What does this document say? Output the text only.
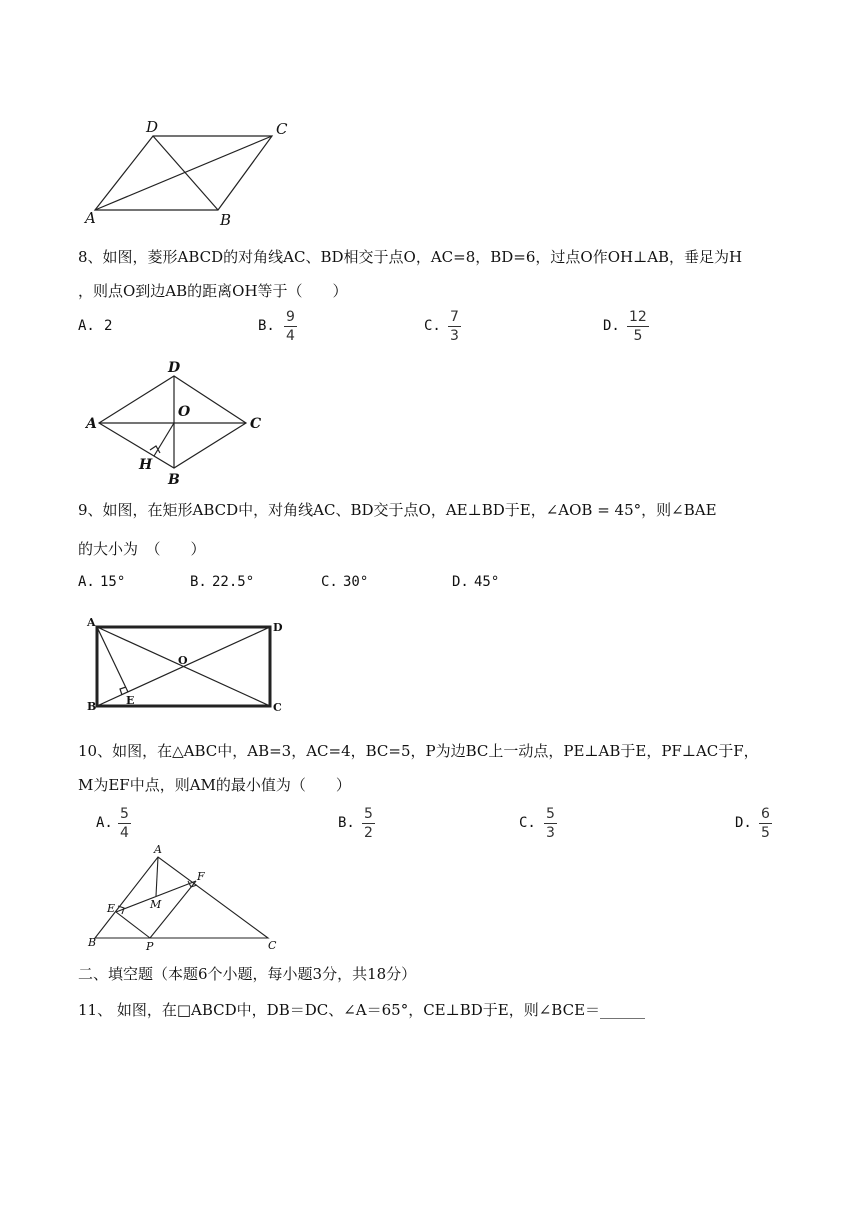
D	C
A	B
8、如图，菱形ABCD的对角线AC、BD相交于点O，AC=8，BD=6，过点O作OH⊥AB，垂足为H
，则点O到边AB的距离OH等于（　　）
A. 2	B.
9
4
C.
7
3
D.
12
5
D
A
O
C
H
B
9、如图，在矩形ABCD中，对角线AC、BD交于点O，AE⊥BD于E，∠AOB = 45°，则∠BAE
的大小为　（　　）
A. 15°	B. 22.5°	C. 30°	D. 45°
A	D
O
B	E
C
10、如图，在△ABC中，AB=3，AC=4，BC=5，P为边BC上一动点，PE⊥AB于E，PF⊥AC于F，
M为EF中点，则AM的最小值为（　　）
A.
5
4
B.
5
2
C.
5
3
D.
6
5
A
F
E	M
B	P	C
二、填空题（本题6个小题，每小题3分，共18分）
11、 如图，在□ABCD中，DB＝DC、∠A＝65°，CE⊥BD于E，则∠BCE＝______
